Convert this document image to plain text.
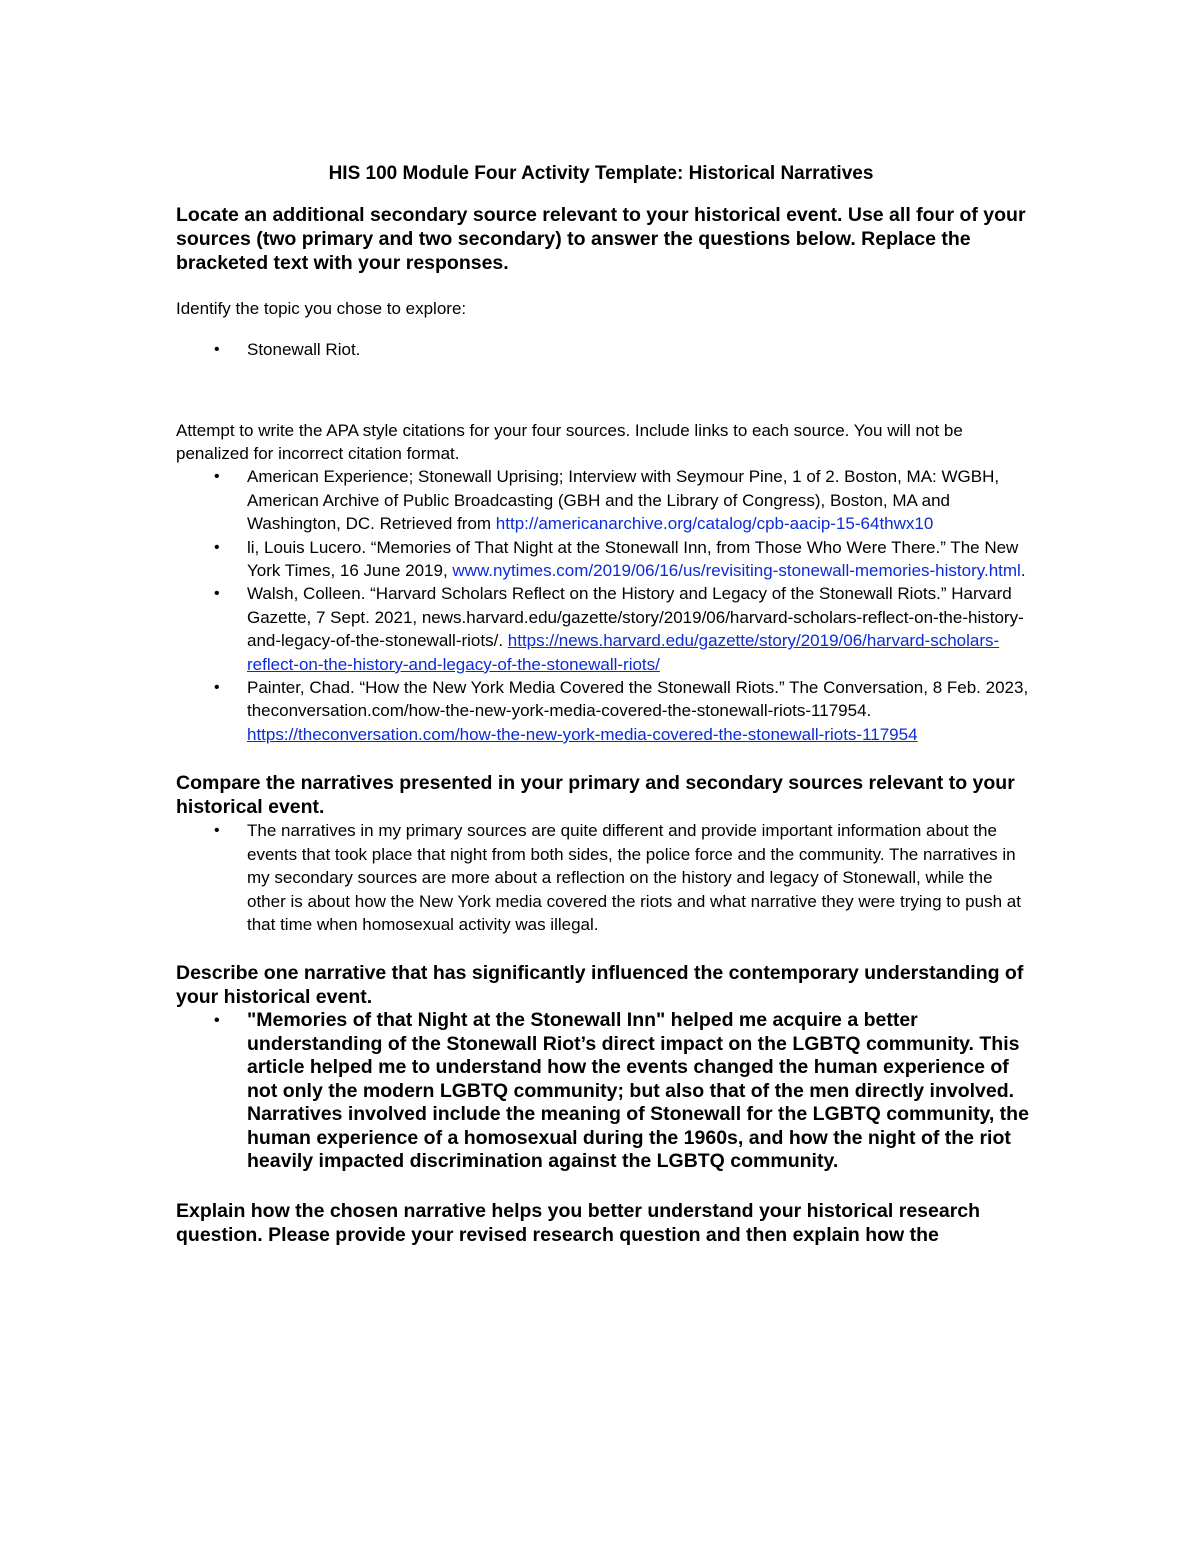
HIS 100 Module Four Activity Template: Historical Narratives

Locate an additional secondary source relevant to your historical event. Use all four of your sources (two primary and two secondary) to answer the questions below. Replace the bracketed text with your responses.

Identify the topic you chose to explore:

• Stonewall Riot.

Attempt to write the APA style citations for your four sources. Include links to each source. You will not be penalized for incorrect citation format.

• American Experience; Stonewall Uprising; Interview with Seymour Pine, 1 of 2. Boston, MA: WGBH, American Archive of Public Broadcasting (GBH and the Library of Congress), Boston, MA and Washington, DC. Retrieved from http://americanarchive.org/catalog/cpb-aacip-15-64thwx10
• li, Louis Lucero. “Memories of That Night at the Stonewall Inn, from Those Who Were There.” The New York Times, 16 June 2019, www.nytimes.com/2019/06/16/us/revisiting-stonewall-memories-history.html.
• Walsh, Colleen. “Harvard Scholars Reflect on the History and Legacy of the Stonewall Riots.” Harvard Gazette, 7 Sept. 2021, news.harvard.edu/gazette/story/2019/06/harvard-scholars-reflect-on-the-history-and-legacy-of-the-stonewall-riots/. https://news.harvard.edu/gazette/story/2019/06/harvard-scholars-reflect-on-the-history-and-legacy-of-the-stonewall-riots/
• Painter, Chad. “How the New York Media Covered the Stonewall Riots.” The Conversation, 8 Feb. 2023, theconversation.com/how-the-new-york-media-covered-the-stonewall-riots-117954. https://theconversation.com/how-the-new-york-media-covered-the-stonewall-riots-117954

Compare the narratives presented in your primary and secondary sources relevant to your historical event.

• The narratives in my primary sources are quite different and provide important information about the events that took place that night from both sides, the police force and the community. The narratives in my secondary sources are more about a reflection on the history and legacy of Stonewall, while the other is about how the New York media covered the riots and what narrative they were trying to push at that time when homosexual activity was illegal.

Describe one narrative that has significantly influenced the contemporary understanding of your historical event.

• "Memories of that Night at the Stonewall Inn" helped me acquire a better understanding of the Stonewall Riot’s direct impact on the LGBTQ community. This article helped me to understand how the events changed the human experience of not only the modern LGBTQ community; but also that of the men directly involved. Narratives involved include the meaning of Stonewall for the LGBTQ community, the human experience of a homosexual during the 1960s, and how the night of the riot heavily impacted discrimination against the LGBTQ community.

Explain how the chosen narrative helps you better understand your historical research question. Please provide your revised research question and then explain how the
